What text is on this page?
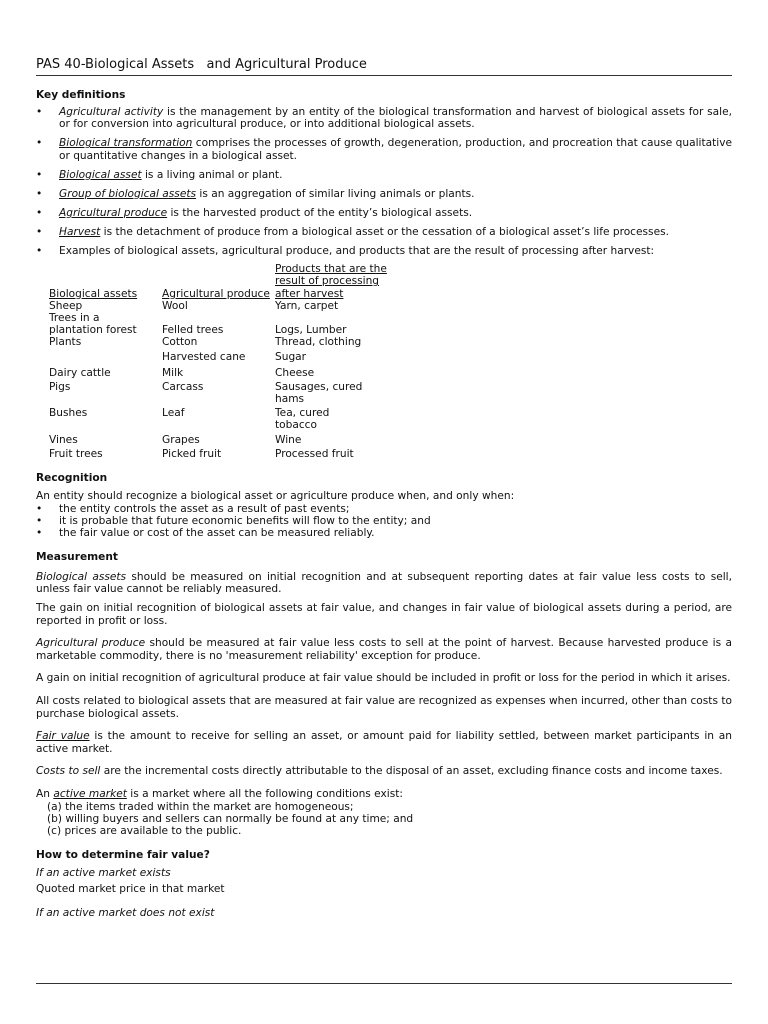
PAS 40-Biological Assets   and Agricultural Produce
Key definitions
• Agricultural activity is the management by an entity of the biological transformation and harvest of biological assets for sale, or for conversion into agricultural produce, or into additional biological assets.
• Biological transformation comprises the processes of growth, degeneration, production, and procreation that cause qualitative or quantitative changes in a biological asset.
• Biological asset is a living animal or plant.
• Group of biological assets is an aggregation of similar living animals or plants.
• Agricultural produce is the harvested product of the entity’s biological assets.
• Harvest is the detachment of produce from a biological asset or the cessation of a biological asset’s life processes.
• Examples of biological assets, agricultural produce, and products that are the result of processing after harvest:
Biological assets	Agricultural produce	Products that are the result of processing after harvest
Sheep	Wool	Yarn, carpet
Trees in a plantation forest	Felled trees	Logs, Lumber
Plants	Cotton	Thread, clothing
	Harvested cane	Sugar
Dairy cattle	Milk	Cheese
Pigs	Carcass	Sausages, cured hams
Bushes	Leaf	Tea, cured tobacco
Vines	Grapes	Wine
Fruit trees	Picked fruit	Processed fruit
Recognition

An entity should recognize a biological asset or agriculture produce when, and only when:

• the entity controls the asset as a result of past events;
• it is probable that future economic benefits will flow to the entity; and
• the fair value or cost of the asset can be measured reliably.
Measurement

Biological assets should be measured on initial recognition and at subsequent reporting dates at fair value less costs to sell, unless fair value cannot be reliably measured.

The gain on initial recognition of biological assets at fair value, and changes in fair value of biological assets during a period, are reported in profit or loss.

Agricultural produce should be measured at fair value less costs to sell at the point of harvest. Because harvested produce is a marketable commodity, there is no 'measurement reliability' exception for produce.

A gain on initial recognition of agricultural produce at fair value should be included in profit or loss for the period in which it arises.

All costs related to biological assets that are measured at fair value are recognized as expenses when incurred, other than costs to purchase biological assets.

Fair value is the amount to receive for selling an asset, or amount paid for liability settled, between market participants in an active market.

Costs to sell are the incremental costs directly attributable to the disposal of an asset, excluding finance costs and income taxes.

An active market is a market where all the following conditions exist:

(a) the items traded within the market are homogeneous;
(b) willing buyers and sellers can normally be found at any time; and
(c) prices are available to the public.
How to determine fair value?

If an active market exists

Quoted market price in that market

If an active market does not exist
